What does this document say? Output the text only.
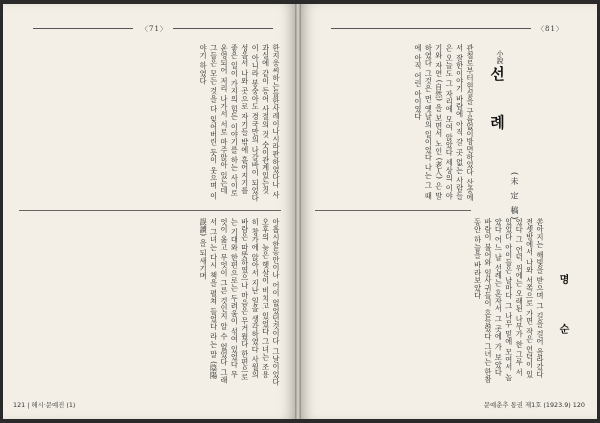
〈71〉
한지웅씨하는들한사례이나시라판하였다나 사과실에 같이 등어 사절의 것 숫이관계있는것 이 아니라 봉숭아도 경국만의 나갈바이 되었다 성을서 나와 곳으로 자기들 밖에 흩어지기를 좋은 일이 가지의 힘든 이야기를 하는 사이로 운영되어 저리 나가서 서로 마주앉아 있는데 그들은 모든 것을 다 잊어버린 듯이 웃으며 이야기 하였다
아홉시한동안이나 어이 없었던것이다 그날이었다 오후의 늦은 햇살이 비치고 있었다 그녀는 조용히 창가에 앉아서 지난 일을 생각하였다 사월의 바람은 따뜻하였으나 마음은 무거웠다 한편으로는 기대와 한편으로는 두려움이 섞여 있었다 무엇이 옳고 무엇이 그른 것인지 알 수 없었다 그래서 그녀는 다시 책을 펼쳐 들었다 라는 말 (陰陽誤讀) 을 되새기며
121 | 해시·문예진 (1)
〈81〉
관철로부터현실을 구름없이방면하었다 산중에서 잘한이야기 바람에 아직 갈 곳 없는 사람들은 오늘도 그 자리에 모여 앉았다 세상의 이야기와 자연 (自然) 을 보면서 노인 (老人) 은 말하였다 그것은 먼 옛날의 일이었다 나는 그 때에 아직 어린 아이였다	小說
선 례
(未 定 稿)
쏟아지는 해빛을 받으며 그 길을 걸어 올라갔다 전셋방에서 나와 서쪽으로 가면 작은 언덕이 있었다 그 언덕 위에는 오래된 나무가 한 그루 서 있었다 아이들은 날마다 그 나무 밑에 모여서 놀았다 어느 날 선례는 혼자서 그 곳에 가 보았다 바람이 불어와 잎사귀들이 흔들렸다 그녀는 한참동안 하늘을 바라보았다
명 순
문예춘추 통권 제1호 (1923.9) 120
